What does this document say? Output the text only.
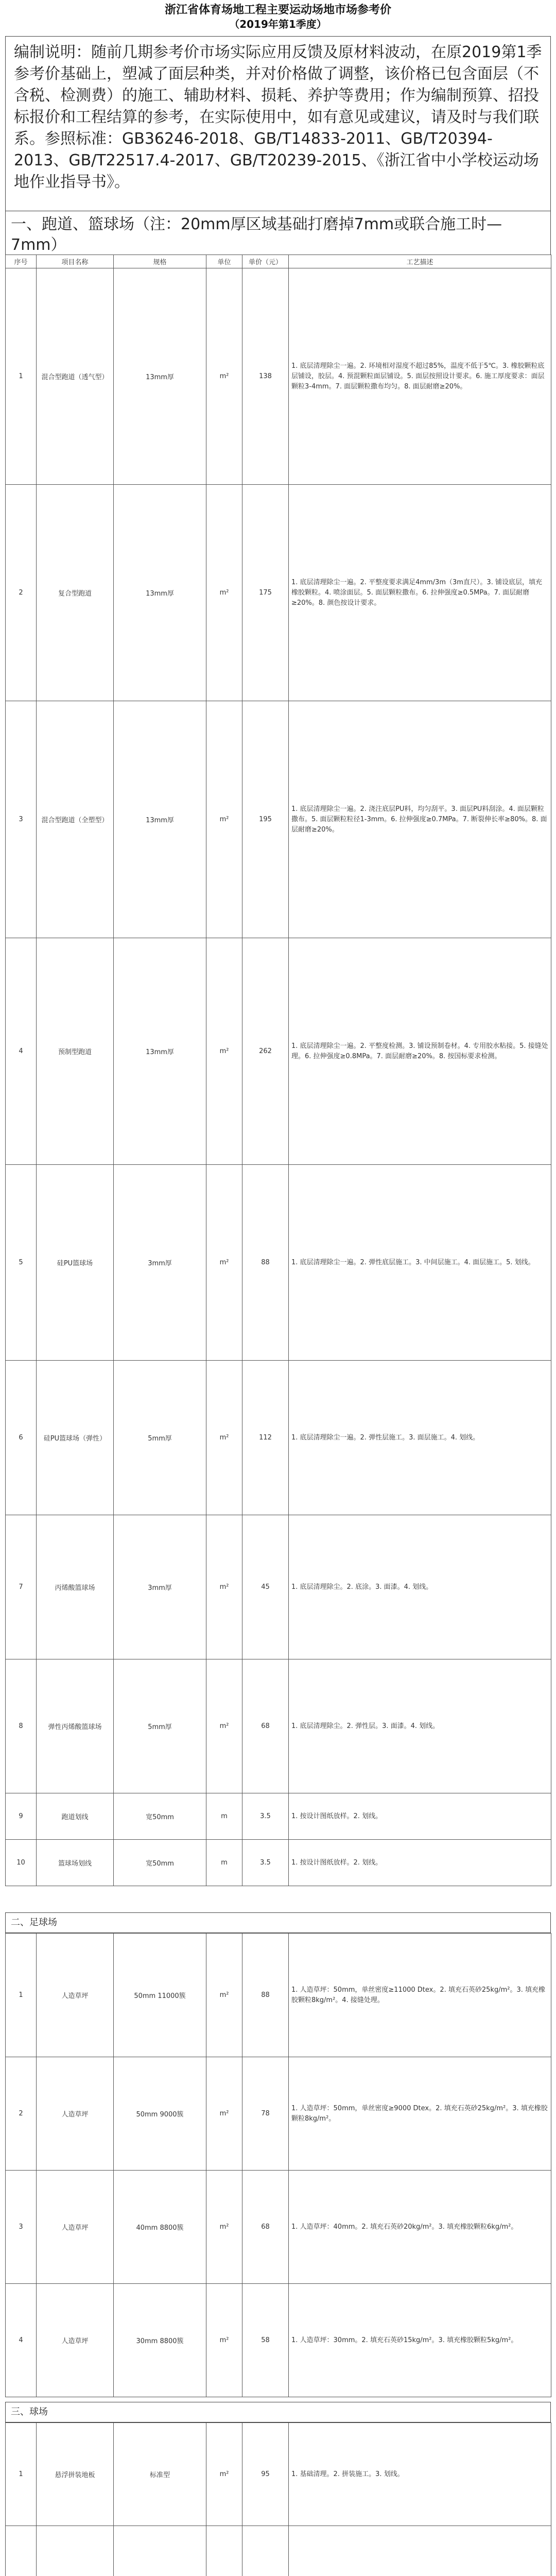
浙江省体育场地工程主要运动场地市场参考价
（2019年第1季度）
编制说明：随前几期参考价市场实际应用反馈及原材料波动，在原2019第1季参考价基础上，塑减了面层种类，并对价格做了调整，该价格已包含面层（不含税、检测费）的施工、辅助材料、损耗、养护等费用；作为编制预算、招投标报价和工程结算的参考，在实际使用中，如有意见或建议，请及时与我们联系。参照标准：GB36246-2018、GB/T14833-2011、GB/T20394-2013、GB/T22517.4-2017、GB/T20239-2015、《浙江省中小学校运动场地作业指导书》。
一、跑道、篮球场（注：20mm厚区域基础打磨掉7mm或联合施工时—7mm）
序号	项目名称	规格	单位	单价（元）	工艺描述
1	混合型跑道（透气型）	13mm厚	m²	138	1. 底层清理除尘一遍。2. 环境相对湿度不超过85%，温度不低于5℃。3. 橡胶颗粒底层铺设，胶层。4. 预混颗粒面层铺设。5. 面层按照设计要求。6. 施工厚度要求：面层颗粒3-4mm。7. 面层颗粒撒布均匀。8. 面层耐磨≥20%。
2	复合型跑道	13mm厚	m²	175	1. 底层清理除尘一遍。2. 平整度要求满足4mm/3m（3m直尺）。3. 铺设底层，填充橡胶颗粒。4. 喷涂面层。5. 面层颗粒撒布。6. 拉伸强度≥0.5MPa。7. 面层耐磨≥20%。8. 颜色按设计要求。
3	混合型跑道（全塑型）	13mm厚	m²	195	1. 底层清理除尘一遍。2. 浇注底层PU料，均匀刮平。3. 面层PU料刮涂。4. 面层颗粒撒布。5. 面层颗粒粒径1-3mm。6. 拉伸强度≥0.7MPa。7. 断裂伸长率≥80%。8. 面层耐磨≥20%。
4	预制型跑道	13mm厚	m²	262	1. 底层清理除尘一遍。2. 平整度检测。3. 铺设预制卷材。4. 专用胶水粘接。5. 接缝处理。6. 拉伸强度≥0.8MPa。7. 面层耐磨≥20%。8. 按国标要求检测。
5	硅PU篮球场	3mm厚	m²	88	1. 底层清理除尘一遍。2. 弹性底层施工。3. 中间层施工。4. 面层施工。5. 划线。
6	硅PU篮球场（弹性）	5mm厚	m²	112	1. 底层清理除尘一遍。2. 弹性层施工。3. 面层施工。4. 划线。
7	丙烯酸篮球场	3mm厚	m²	45	1. 底层清理除尘。2. 底涂。3. 面漆。4. 划线。
8	弹性丙烯酸篮球场	5mm厚	m²	68	1. 底层清理除尘。2. 弹性层。3. 面漆。4. 划线。
9	跑道划线	宽50mm	m	3.5	1. 按设计图纸放样。2. 划线。
10	篮球场划线	宽50mm	m	3.5	1. 按设计图纸放样。2. 划线。
二、足球场
1	人造草坪	50mm 11000簇	m²	88	1. 人造草坪：50mm，单丝密度≥11000 Dtex。2. 填充石英砂25kg/m²。3. 填充橡胶颗粒8kg/m²。4. 接缝处理。
2	人造草坪	50mm 9000簇	m²	78	1. 人造草坪：50mm，单丝密度≥9000 Dtex。2. 填充石英砂25kg/m²。3. 填充橡胶颗粒8kg/m²。
3	人造草坪	40mm 8800簇	m²	68	1. 人造草坪：40mm。2. 填充石英砂20kg/m²。3. 填充橡胶颗粒6kg/m²。
4	人造草坪	30mm 8800簇	m²	58	1. 人造草坪：30mm。2. 填充石英砂15kg/m²。3. 填充橡胶颗粒5kg/m²。
三、球场
1	悬浮拼装地板	标准型	m²	95	1. 基础清理。2. 拼装施工。3. 划线。
